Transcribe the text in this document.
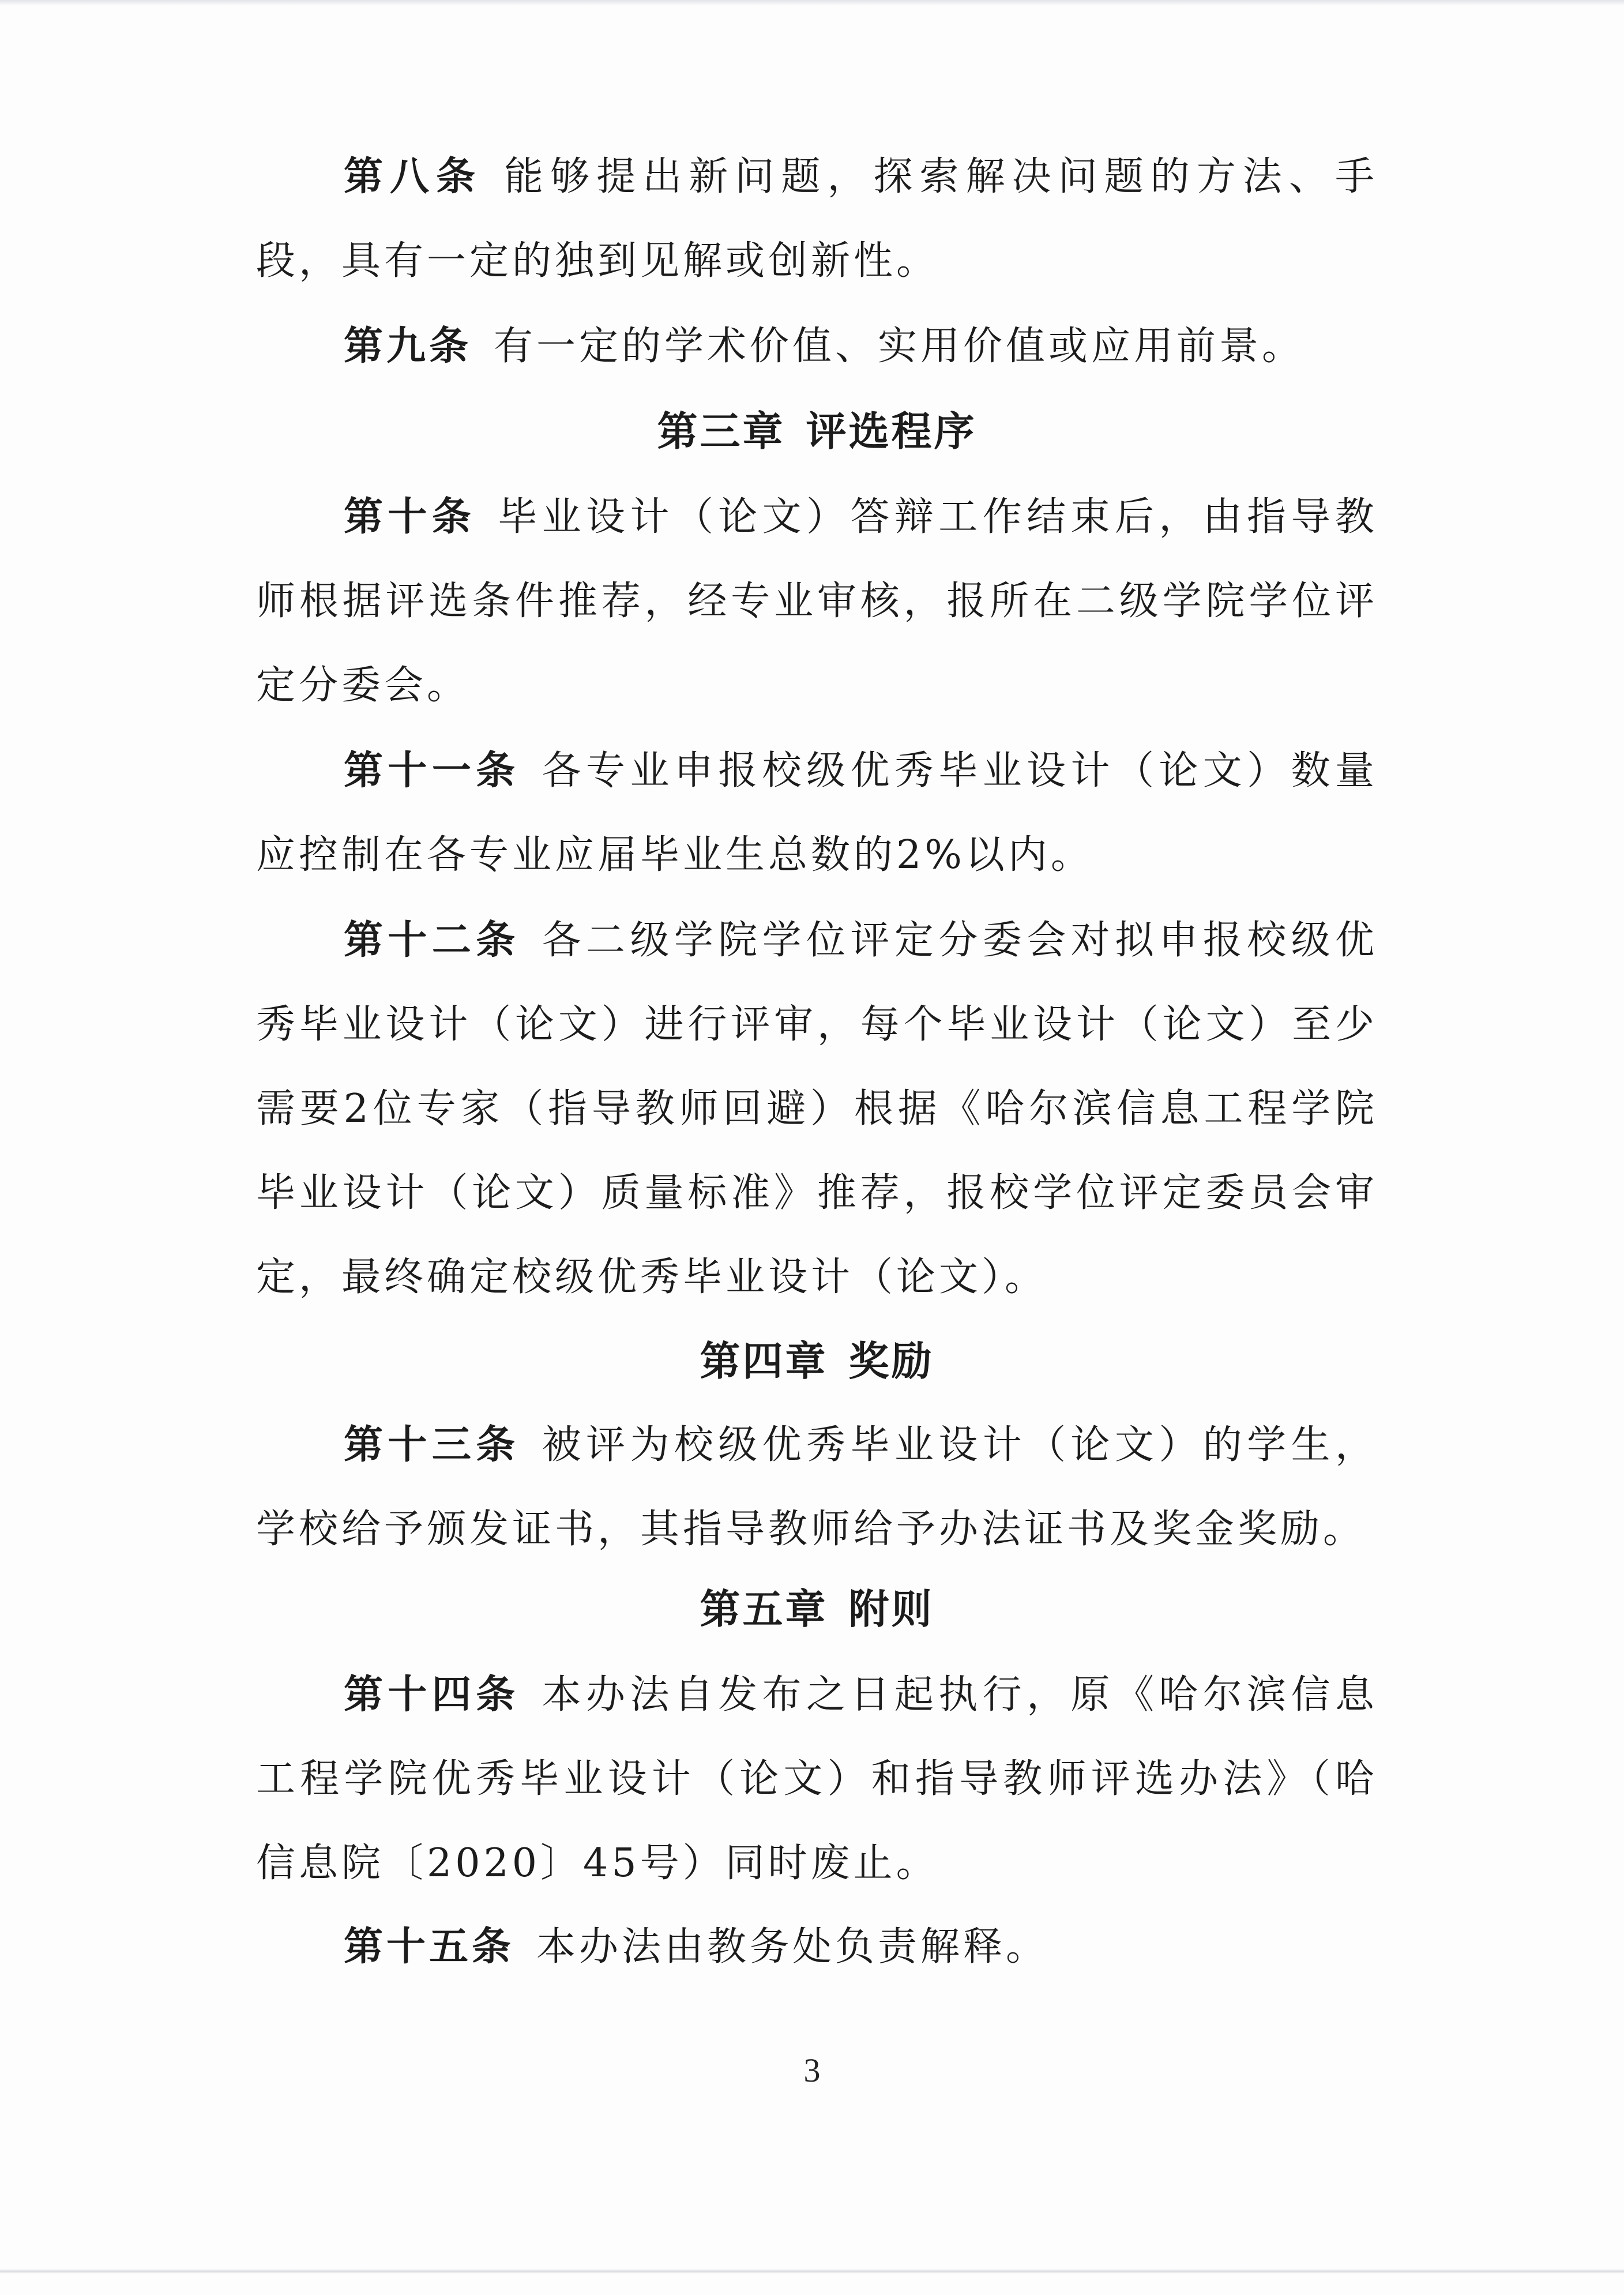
第八条 能够提出新问题，探索解决问题的方法、手段，具有一定的独到见解或创新性。

第九条 有一定的学术价值、实用价值或应用前景。

第三章 评选程序

第十条 毕业设计（论文）答辩工作结束后，由指导教师根据评选条件推荐，经专业审核，报所在二级学院学位评定分委会。

第十一条 各专业申报校级优秀毕业设计（论文）数量应控制在各专业应届毕业生总数的2%以内。

第十二条 各二级学院学位评定分委会对拟申报校级优秀毕业设计（论文）进行评审，每个毕业设计（论文）至少需要2位专家（指导教师回避）根据《哈尔滨信息工程学院毕业设计（论文）质量标准》推荐，报校学位评定委员会审定，最终确定校级优秀毕业设计（论文）。

第四章 奖励

第十三条 被评为校级优秀毕业设计（论文）的学生，学校给予颁发证书，其指导教师给予办法证书及奖金奖励。

第五章 附则

第十四条 本办法自发布之日起执行，原《哈尔滨信息工程学院优秀毕业设计（论文）和指导教师评选办法》（哈信息院〔2020〕45号）同时废止。

第十五条 本办法由教务处负责解释。

3
